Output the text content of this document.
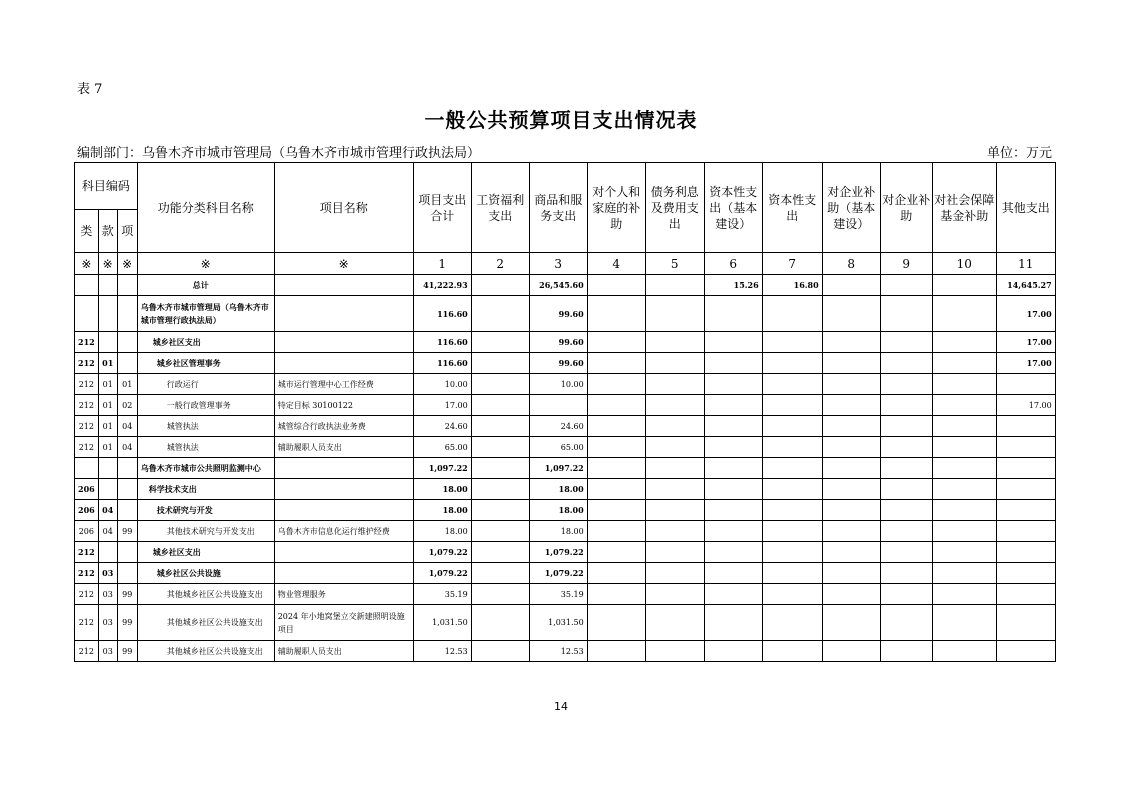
表 7
一般公共预算项目支出情况表
编制部门：乌鲁木齐市城市管理局（乌鲁木齐市城市管理行政执法局）	单位：万元
科目编码			功能分类科目名称	项目名称	项目支出合计	工资福利支出	商品和服务支出	对个人和家庭的补助	债务利息及费用支出	资本性支出（基本建设）	资本性支出	对企业补助（基本建设）	对企业补助	对社会保障基金补助	其他支出
类	款	项													
※	※	※	※	※	1	2	3	4	5	6	7	8	9	10	11
			总计		41,222.93		26,545.60			15.26	16.80				14,645.27
			乌鲁木齐市城市管理局（乌鲁木齐市城市管理行政执法局）		116.60		99.60								17.00
212			城乡社区支出		116.60		99.60								17.00
212	01		城乡社区管理事务		116.60		99.60								17.00
212	01	01	行政运行	城市运行管理中心工作经费	10.00		10.00								
212	01	02	一般行政管理事务	特定目标 30100122	17.00										17.00
212	01	04	城管执法	城管综合行政执法业务费	24.60		24.60								
212	01	04	城管执法	辅助履职人员支出	65.00		65.00								
			乌鲁木齐市城市公共照明监测中心		1,097.22		1,097.22								
206			科学技术支出		18.00		18.00								
206	04		技术研究与开发		18.00		18.00								
206	04	99	其他技术研究与开发支出	乌鲁木齐市信息化运行维护经费	18.00		18.00								
212			城乡社区支出		1,079.22		1,079.22								
212	03		城乡社区公共设施		1,079.22		1,079.22								
212	03	99	其他城乡社区公共设施支出	物业管理服务	35.19		35.19								
212	03	99	其他城乡社区公共设施支出	2024 年小地窝堡立交新建照明设施项目	1,031.50		1,031.50								
212	03	99	其他城乡社区公共设施支出	辅助履职人员支出	12.53		12.53								
14
